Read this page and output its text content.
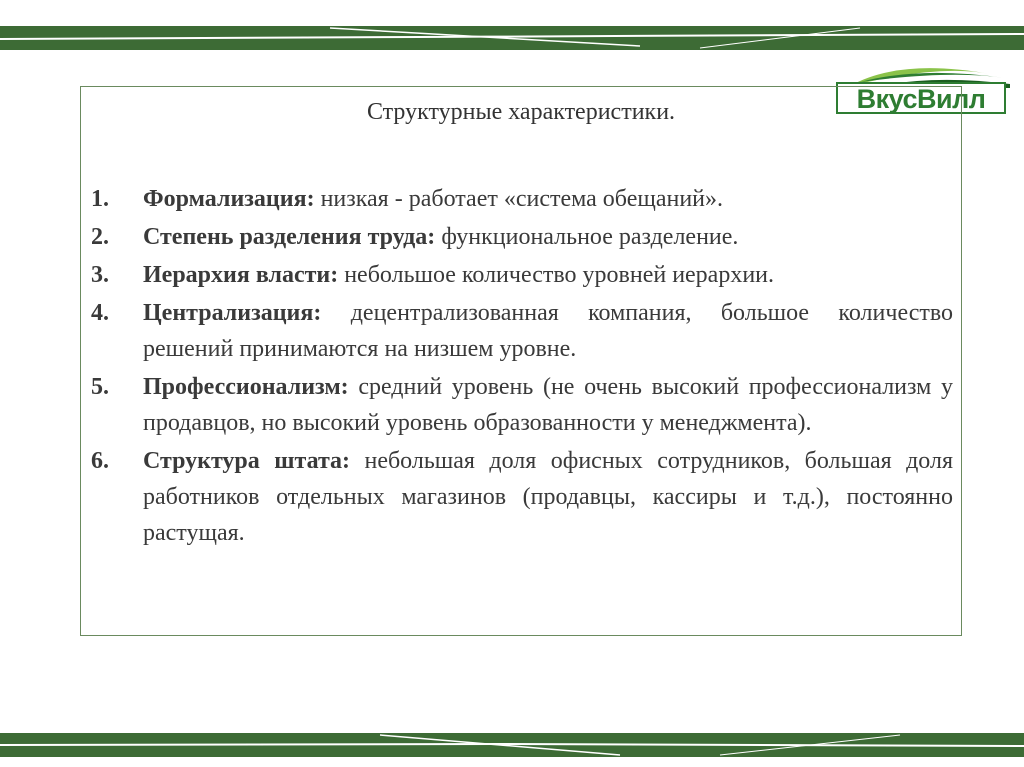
ВкусВилл
Структурные характеристики.
1. Формализация: низкая - работает «система обещаний».
2. Степень разделения труда: функциональное разделение.
3. Иерархия власти: небольшое количество уровней иерархии.
4. Централизация: децентрализованная компания, большое количество решений принимаются на низшем уровне.
5. Профессионализм: средний уровень (не очень высокий профессионализм у продавцов, но высокий уровень образованности у менеджмента).
6. Структура штата: небольшая доля офисных сотрудников, большая доля работников отдельных магазинов (продавцы, кассиры и т.д.), постоянно растущая.
